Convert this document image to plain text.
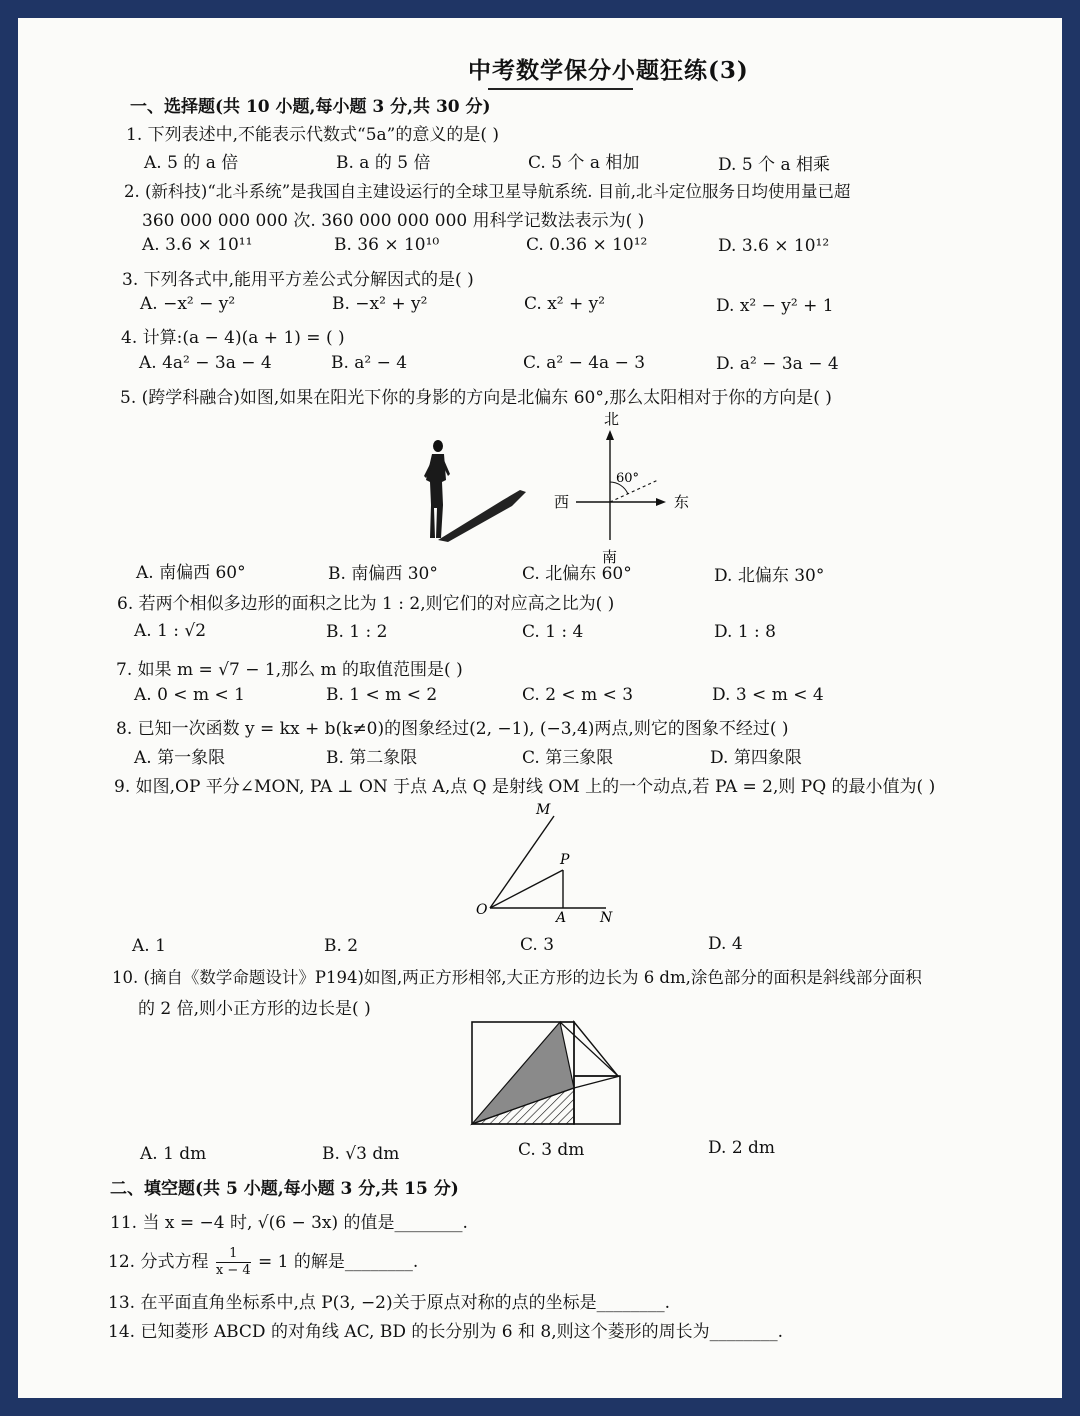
中考数学保分小题狂练(3)
一、选择题(共 10 小题,每小题 3 分,共 30 分)
1. 下列表述中,不能表示代数式“5a”的意义的是( )
A. 5 的 a 倍	B. a 的 5 倍	C. 5 个 a 相加	D. 5 个 a 相乘
2. (新科技)“北斗系统”是我国自主建设运行的全球卫星导航系统. 目前,北斗定位服务日均使用量已超
360 000 000 000 次. 360 000 000 000 用科学记数法表示为( )
A. 3.6 × 10¹¹	B. 36 × 10¹⁰	C. 0.36 × 10¹²	D. 3.6 × 10¹²
3. 下列各式中,能用平方差公式分解因式的是( )
A. −x² − y²	B. −x² + y²	C. x² + y²	D. x² − y² + 1
4. 计算:(a − 4)(a + 1) = ( )
A. 4a² − 3a − 4	B. a² − 4	C. a² − 4a − 3	D. a² − 3a − 4
5. (跨学科融合)如图,如果在阳光下你的身影的方向是北偏东 60°,那么太阳相对于你的方向是( )
北
西	东
南
60°
A. 南偏西 60°	B. 南偏西 30°	C. 北偏东 60°	D. 北偏东 30°
6. 若两个相似多边形的面积之比为 1 : 2,则它们的对应高之比为( )
A. 1 : √2	B. 1 : 2	C. 1 : 4	D. 1 : 8
7. 如果 m = √7 − 1,那么 m 的取值范围是( )
A. 0 < m < 1	B. 1 < m < 2	C. 2 < m < 3	D. 3 < m < 4
8. 已知一次函数 y = kx + b(k≠0)的图象经过(2, −1), (−3,4)两点,则它的图象不经过( )
A. 第一象限	B. 第二象限	C. 第三象限	D. 第四象限
9. 如图,OP 平分∠MON, PA ⊥ ON 于点 A,点 Q 是射线 OM 上的一个动点,若 PA = 2,则 PQ 的最小值为( )
M
P
O	A N
A. 1	B. 2	C. 3	D. 4
10. (摘自《数学命题设计》P194)如图,两正方形相邻,大正方形的边长为 6 dm,涂色部分的面积是斜线部分面积
的 2 倍,则小正方形的边长是( )
A. 1 dm	B. √3 dm	C. 3 dm	D. 2 dm
二、填空题(共 5 小题,每小题 3 分,共 15 分)
11. 当 x = −4 时, √(6 − 3x) 的值是________.
12. 分式方程 $\frac{1}{x - 4} = 1$ 的解是________.
13. 在平面直角坐标系中,点 P(3, −2)关于原点对称的点的坐标是________.
14. 已知菱形 ABCD 的对角线 AC, BD 的长分别为 6 和 8,则这个菱形的周长为________.
